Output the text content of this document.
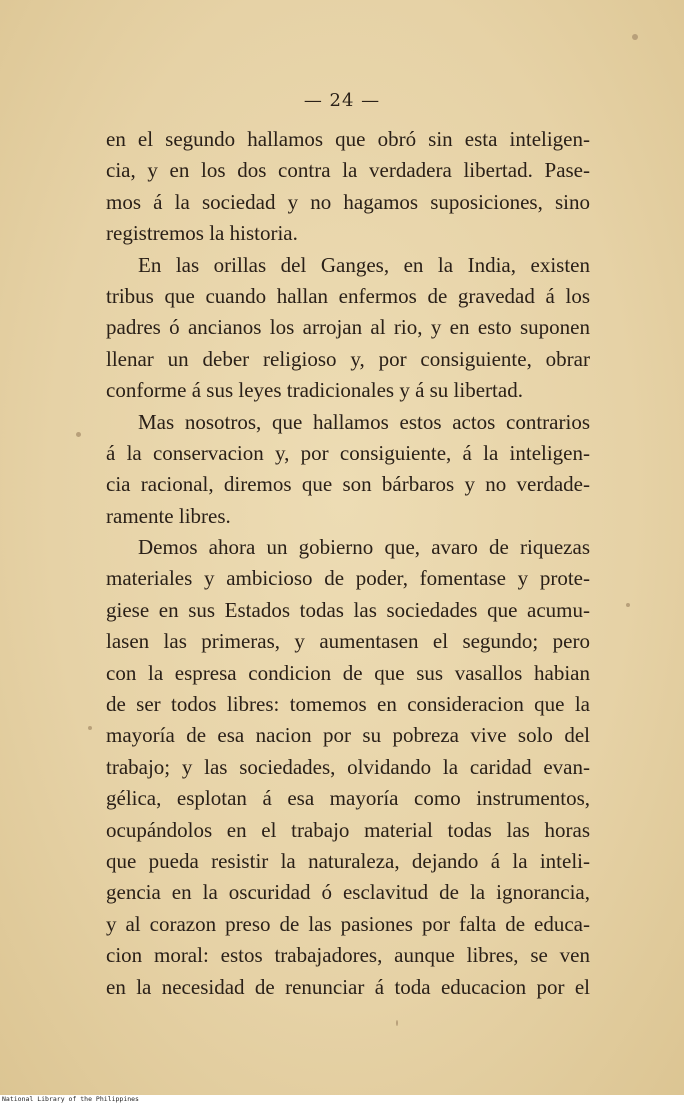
— 24 —
en el segundo hallamos que obró sin esta inteligen-
cia, y en los dos contra la verdadera libertad. Pase-
mos á la sociedad y no hagamos suposiciones, sino
registremos la historia.
En las orillas del Ganges, en la India, existen
tribus que cuando hallan enfermos de gravedad á los
padres ó ancianos los arrojan al rio, y en esto suponen
llenar un deber religioso y, por consiguiente, obrar
conforme á sus leyes tradicionales y á su libertad.
Mas nosotros, que hallamos estos actos contrarios
á la conservacion y, por consiguiente, á la inteligen-
cia racional, diremos que son bárbaros y no verdade-
ramente libres.
Demos ahora un gobierno que, avaro de riquezas
materiales y ambicioso de poder, fomentase y prote-
giese en sus Estados todas las sociedades que acumu-
lasen las primeras, y aumentasen el segundo; pero
con la espresa condicion de que sus vasallos habian
de ser todos libres: tomemos en consideracion que la
mayoría de esa nacion por su pobreza vive solo del
trabajo; y las sociedades, olvidando la caridad evan-
gélica, esplotan á esa mayoría como instrumentos,
ocupándolos en el trabajo material todas las horas
que pueda resistir la naturaleza, dejando á la inteli-
gencia en la oscuridad ó esclavitud de la ignorancia,
y al corazon preso de las pasiones por falta de educa-
cion moral: estos trabajadores, aunque libres, se ven
en la necesidad de renunciar á toda educacion por el
National Library of the Philippines
